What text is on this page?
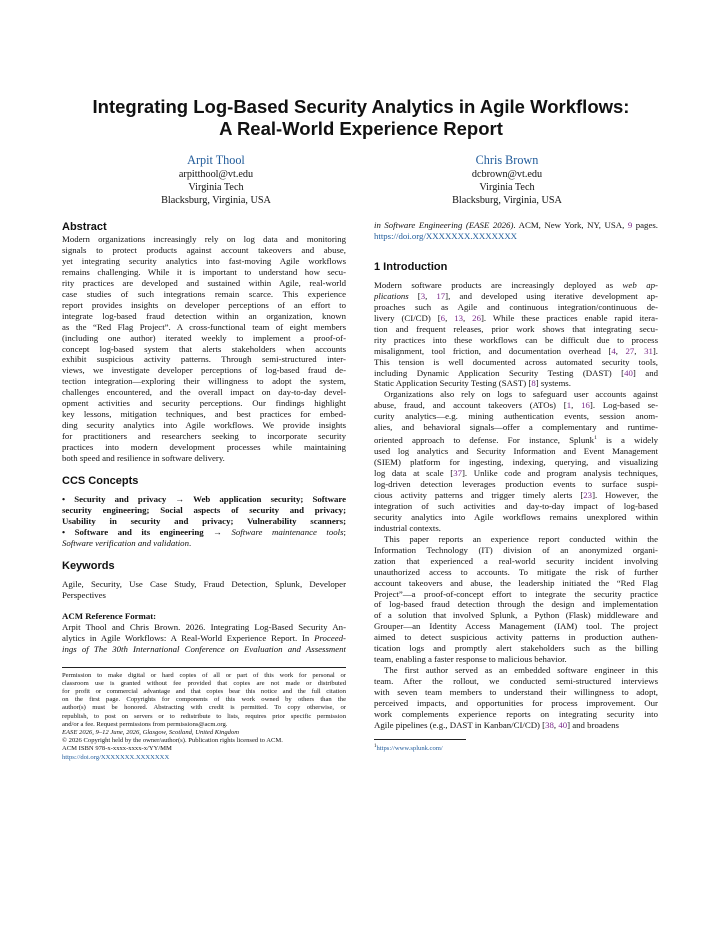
Integrating Log-Based Security Analytics in Agile Workflows:
A Real-World Experience Report
Arpit Thool
arpitthool@vt.edu
Virginia Tech
Blacksburg, Virginia, USA
Chris Brown
dcbrown@vt.edu
Virginia Tech
Blacksburg, Virginia, USA
Abstract
Modern organizations increasingly rely on log data and monitoring
signals to protect products against account takeovers and abuse,
yet integrating security analytics into fast-moving Agile workflows
remains challenging. While it is important to understand how secu-
rity practices are developed and sustained within Agile, real-world
case studies of such integrations remain scarce. This experience
report provides insights on developer perceptions of an effort to
integrate log-based fraud detection within an organization, known
as the “Red Flag Project”. A cross-functional team of eight members
(including one author) iterated weekly to implement a proof-of-
concept log-based system that alerts stakeholders when accounts
exhibit suspicious activity patterns. Through semi-structured inter-
views, we investigate developer perceptions of log-based fraud de-
tection integration—exploring their willingness to adopt the system,
challenges encountered, and the overall impact on day-to-day devel-
opment activities and security perceptions. Our findings highlight
key lessons, mitigation techniques, and best practices for embed-
ding security analytics into Agile workflows. We provide insights
for practitioners and researchers seeking to incorporate security
practices into modern development processes while maintaining
both speed and resilience in software delivery.
CCS Concepts
• Security and privacy → Web application security; Software
security engineering; Social aspects of security and privacy;
Usability in security and privacy; Vulnerability scanners;
• Software and its engineering → Software maintenance tools;
Software verification and validation.
Keywords
Agile, Security, Use Case Study, Fraud Detection, Splunk, Developer
Perspectives
ACM Reference Format:
Arpit Thool and Chris Brown. 2026. Integrating Log-Based Security An-
alytics in Agile Workflows: A Real-World Experience Report. In Proceed-
ings of The 30th International Conference on Evaluation and Assessment
Permission to make digital or hard copies of all or part of this work for personal or
classroom use is granted without fee provided that copies are not made or distributed
for profit or commercial advantage and that copies bear this notice and the full citation
on the first page. Copyrights for components of this work owned by others than the
author(s) must be honored. Abstracting with credit is permitted. To copy otherwise, or
republish, to post on servers or to redistribute to lists, requires prior specific permission
and/or a fee. Request permissions from permissions@acm.org.
EASE 2026, 9–12 June, 2026, Glasgow, Scotland, United Kingdom
© 2026 Copyright held by the owner/author(s). Publication rights licensed to ACM.
ACM ISBN 978-x-xxxx-xxxx-x/YY/MM
https://doi.org/XXXXXXX.XXXXXXX
in Software Engineering (EASE 2026). ACM, New York, NY, USA, 9 pages.
https://doi.org/XXXXXXX.XXXXXXX
1 Introduction
Modern software products are increasingly deployed as web ap-
plications [3, 17], and developed using iterative development ap-
proaches such as Agile and continuous integration/continuous de-
livery (CI/CD) [6, 13, 26]. While these practices enable rapid itera-
tion and frequent releases, prior work shows that integrating secu-
rity practices into these workflows can be difficult due to process
misalignment, tool friction, and documentation overhead [4, 27, 31].
This tension is well documented across automated security tools,
including Dynamic Application Security Testing (DAST) [40] and
Static Application Security Testing (SAST) [8] systems.
Organizations also rely on logs to safeguard user accounts against
abuse, fraud, and account takeovers (ATOs) [1, 16]. Log-based se-
curity analytics—e.g. mining authentication events, session anom-
alies, and behavioral signals—offer a complementary and runtime-
oriented approach to defense. For instance, Splunk$^1$ is a widely
used log analytics and Security Information and Event Management
(SIEM) platform for ingesting, indexing, querying, and visualizing
log data at scale [37]. Unlike code and program analysis techniques,
log-driven detection leverages production events to surface suspi-
cious activity patterns and trigger timely alerts [23]. However, the
integration of such activities and day-to-day impact of log-based
security analytics into Agile workflows remains unexplored within
industrial contexts.
This paper reports an experience report conducted within the
Information Technology (IT) division of an anonymized organi-
zation that experienced a real-world security incident involving
unauthorized access to accounts. To mitigate the risk of further
account takeovers and abuse, the leadership initiated the “Red Flag
Project”—a proof-of-concept effort to integrate the security practice
of log-based fraud detection through the design and implementation
of a solution that involved Splunk, a Python (Flask) middleware and
Grouper—an Identity Access Management (IAM) tool. The project
aimed to detect suspicious activity patterns in production authen-
tication logs and promptly alert stakeholders such as the billing
team, enabling a faster response to malicious behavior.
The first author served as an embedded software engineer in this
team. After the rollout, we conducted semi-structured interviews
with seven team members to understand their willingness to adopt,
perceived impacts, and opportunities for process improvement. Our
work complements experience reports on integrating security into
Agile pipelines (e.g., DAST in Kanban/CI/CD) [38, 40] and broadens
$^1$https://www.splunk.com/
